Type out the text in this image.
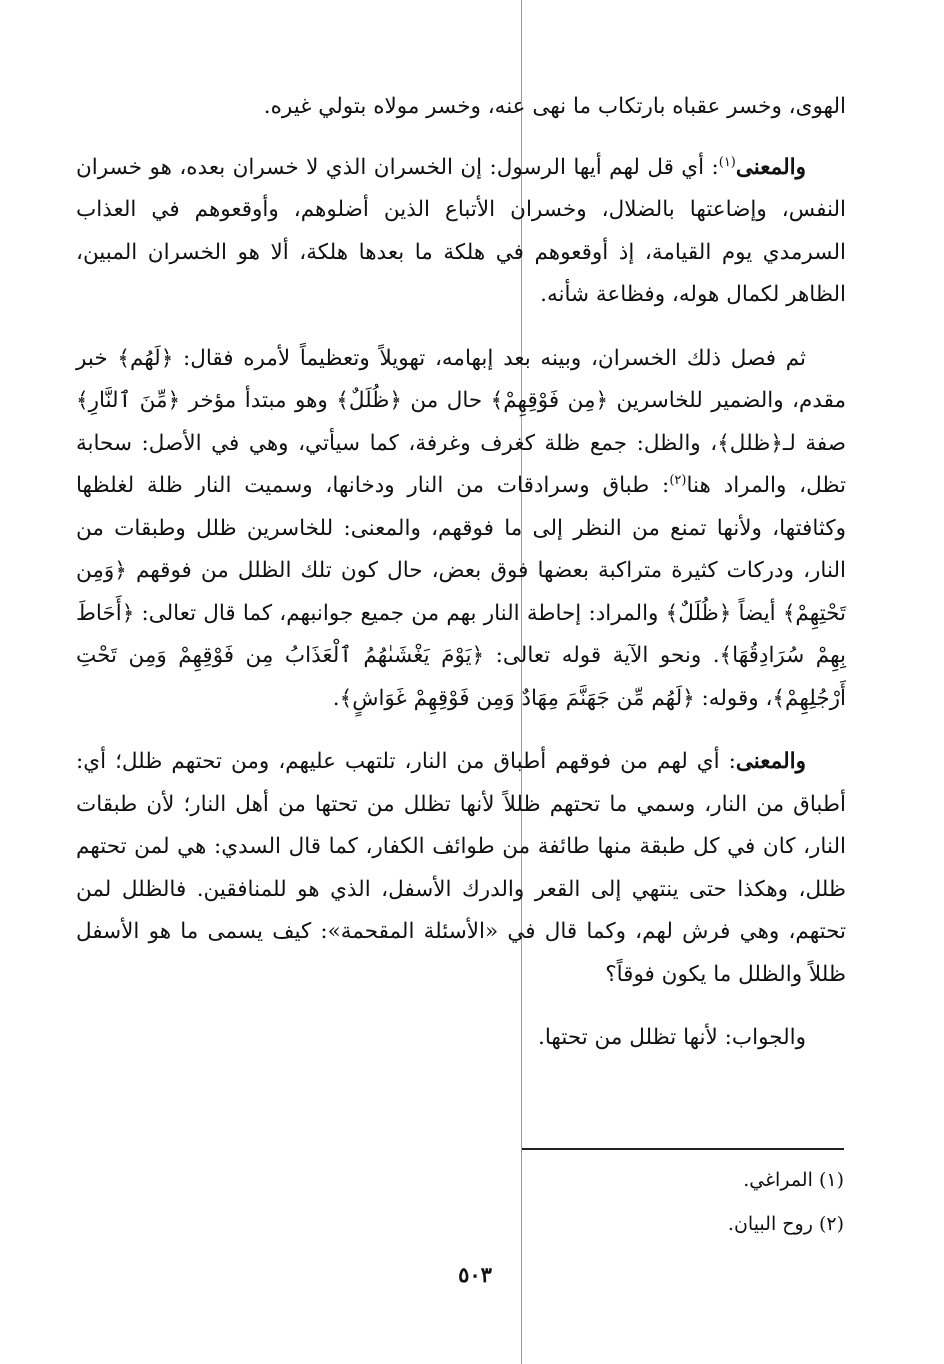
الهوى، وخسر عقباه بارتكاب ما نهى عنه، وخسر مولاه بتولي غيره.

والمعنى$^{(١)}$: أي قل لهم أيها الرسول: إن الخسران الذي لا خسران بعده، هو خسران النفس، وإضاعتها بالضلال، وخسران الأتباع الذين أضلوهم، وأوقعوهم في العذاب السرمدي يوم القيامة، إذ أوقعوهم في هلكة ما بعدها هلكة، ألا هو الخسران المبين، الظاهر لكمال هوله، وفظاعة شأنه.

ثم فصل ذلك الخسران، وبينه بعد إبهامه، تهويلاً وتعظيماً لأمره فقال: ﴿لَهُم﴾ خبر مقدم، والضمير للخاسرين ﴿مِن فَوْقِهِمْ﴾ حال من ﴿ظُلَلٌ﴾ وهو مبتدأ مؤخر ﴿مِّنَ ٱلنَّارِ﴾ صفة لـ﴿ظلل﴾، والظل: جمع ظلة كغرف وغرفة، كما سيأتي، وهي في الأصل: سحابة تظل، والمراد هنا$^{(٢)}$: طباق وسرادقات من النار ودخانها، وسميت النار ظلة لغلظها وكثافتها، ولأنها تمنع من النظر إلى ما فوقهم، والمعنى: للخاسرين ظلل وطبقات من النار، ودركات كثيرة متراكبة بعضها فوق بعض، حال كون تلك الظلل من فوقهم ﴿وَمِن تَحْتِهِمْ﴾ أيضاً ﴿ظُلَلٌ﴾ والمراد: إحاطة النار بهم من جميع جوانبهم، كما قال تعالى: ﴿أَحَاطَ بِهِمْ سُرَادِقُهَا﴾. ونحو الآية قوله تعالى: ﴿يَوْمَ يَغْشَىٰهُمُ ٱلْعَذَابُ مِن فَوْقِهِمْ وَمِن تَحْتِ أَرْجُلِهِمْ﴾، وقوله: ﴿لَهُم مِّن جَهَنَّمَ مِهَادٌ وَمِن فَوْقِهِمْ غَوَاشٍ﴾.

والمعنى: أي لهم من فوقهم أطباق من النار، تلتهب عليهم، ومن تحتهم ظلل؛ أي: أطباق من النار، وسمي ما تحتهم ظللاً لأنها تظلل من تحتها من أهل النار؛ لأن طبقات النار، كان في كل طبقة منها طائفة من طوائف الكفار، كما قال السدي: هي لمن تحتهم ظلل، وهكذا حتى ينتهي إلى القعر والدرك الأسفل، الذي هو للمنافقين. فالظلل لمن تحتهم، وهي فرش لهم، وكما قال في «الأسئلة المقحمة»: كيف يسمى ما هو الأسفل ظللاً والظلل ما يكون فوقاً؟

والجواب: لأنها تظلل من تحتها.

(١) المراغي.
(٢) روح البيان.
٥٠٣
